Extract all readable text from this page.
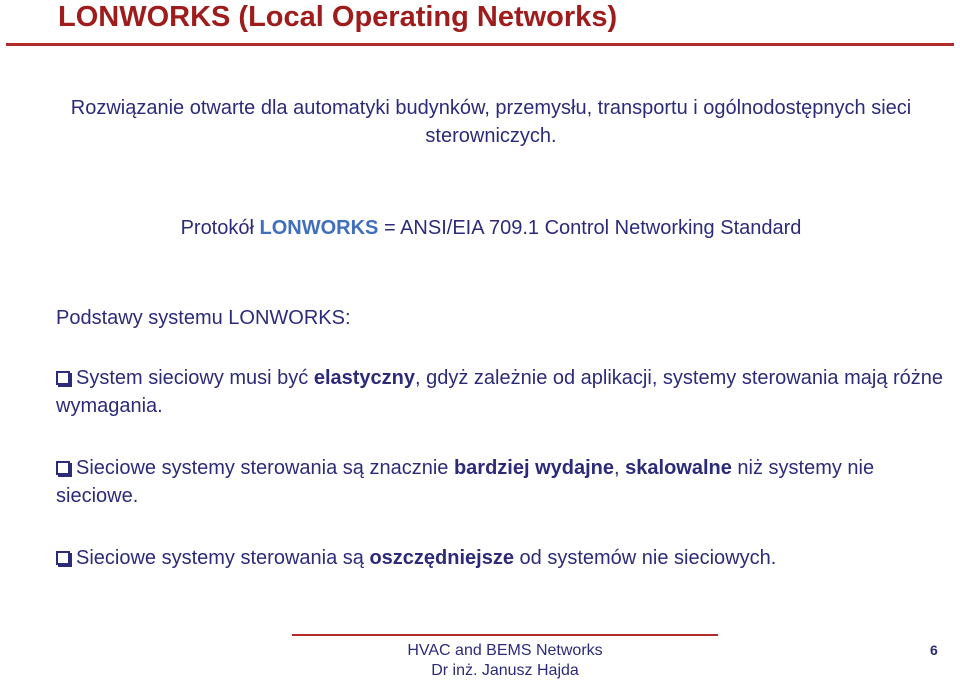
LONWORKS (Local Operating Networks)
Rozwiązanie otwarte dla automatyki budynków, przemysłu, transportu i ogólnodostępnych sieci sterowniczych.
Protokół LONWORKS = ANSI/EIA 709.1 Control Networking Standard
Podstawy systemu LONWORKS:
System sieciowy musi być elastyczny, gdyż zależnie od aplikacji, systemy sterowania mają różne wymagania.
Sieciowe systemy sterowania są znacznie bardziej wydajne, skalowalne niż systemy nie sieciowe.
Sieciowe systemy sterowania są oszczędniejsze od systemów nie sieciowych.
HVAC and BEMS Networks
Dr inż. Janusz Hajda
6
